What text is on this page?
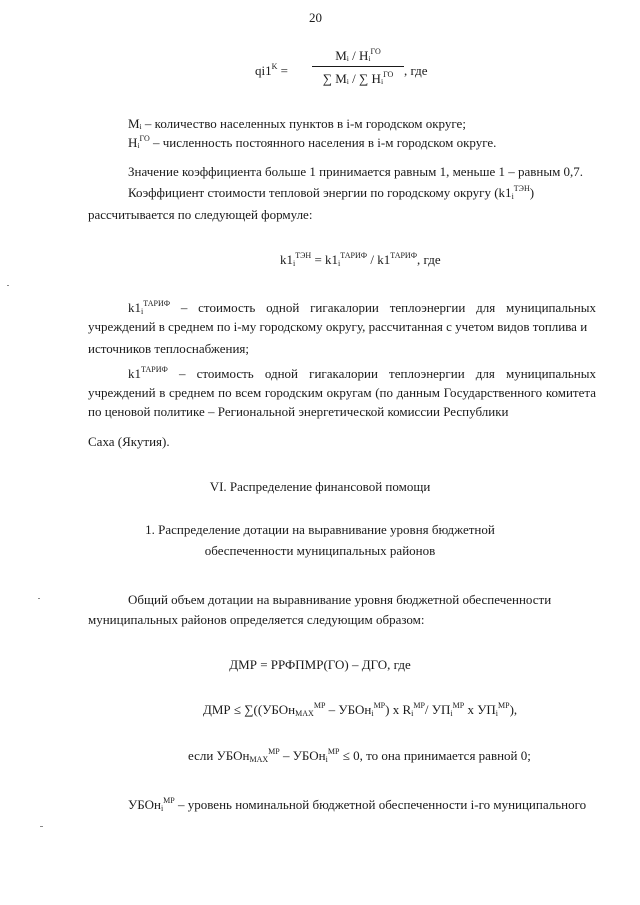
20
$qi1^K$ =
Mᵢ / Hᵢ$^{ГО}$
∑ Mᵢ / ∑ Hᵢ$^{ГО}$ , где
Mᵢ – количество населенных пунктов в i-м городском округе;
Hᵢ$^{ГО}$ – численность постоянного населения в i-м городском округе.
Значение коэффициента больше 1 принимается равным 1, меньше 1 – равным 0,7.
Коэффициент стоимости тепловой энергии по городскому округу $(k1_i^{ТЭН})$
рассчитывается по следующей формуле:
$k1_i^{ТЭН} = k1_i^{ТАРИФ} / k1^{ТАРИФ}$, где
$k1_i^{ТАРИФ}$ – стоимость одной гигакалории теплоэнергии для муниципальных учреждений в среднем по i-му городскому округу, рассчитанная с учетом видов топлива и
источников теплоснабжения;
$k1^{ТАРИФ}$ – стоимость одной гигакалории теплоэнергии для муниципальных учреждений в среднем по всем городским округам (по данным Государственного комитета по ценовой политике – Региональной энергетической комиссии Республики
Саха (Якутия).
VI. Распределение финансовой помощи
1. Распределение дотации на выравнивание уровня бюджетной
обеспеченности муниципальных районов
Общий объем дотации на выравнивание уровня бюджетной обеспеченности
муниципальных районов определяется следующим образом:
ДМР = РРФПМР(ГО) – ДГО, где
ДМР ≤ ∑((УБОн$_{MAX}^{МР}$ – УБОн$_i^{МР}$) x $R_i^{МР}/$ $УП_i^{МР}$ x $УП_i^{МР}$),
если УБОн$_{MAX}^{МР}$ – УБОн$_i^{МР}$ ≤ 0, то она принимается равной 0;
УБОн$_i^{МР}$ – уровень номинальной бюджетной обеспеченности i-го муниципального
